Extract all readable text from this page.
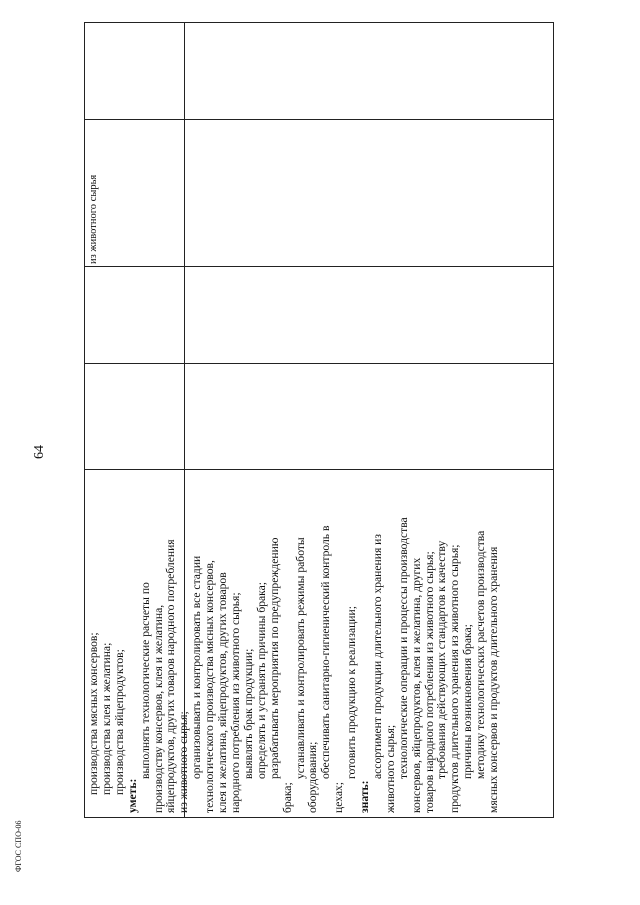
64
производства мясных консервов; производства клея и желатина; производства яйцепродуктов;
уметь:
выполнять технологические расчеты по производству консервов, клея и желатина, яйцепродуктов, других товаров народного потребления из животного сырья; организовывать и контролировать все стадии технологического производства мясных консервов, клея и желатина, яйцепродуктов, других товаров народного потребления из животного сырья; выявлять брак продукции; определять и устранять причины брака; разрабатывать мероприятия по предупреждению
брака;
устанавливать и контролировать режимы работы оборудования; обеспечивать санитарно-гигиенический контроль в
цехах;
готовить продукцию к реализации;
знать:
ассортимент продукции длительного хранения из животного сырья; технологические операции и процессы производства консервов, яйцепродуктов, клея и желатина, других товаров народного потребления из животного сырья; требования действующих стандартов к качеству продуктов длительного хранения из животного сырья; причины возникновения брака; методику технологических расчетов производства мясных консервов и продуктов длительного хранения
из животного сырья
ФГОС СПО-06
